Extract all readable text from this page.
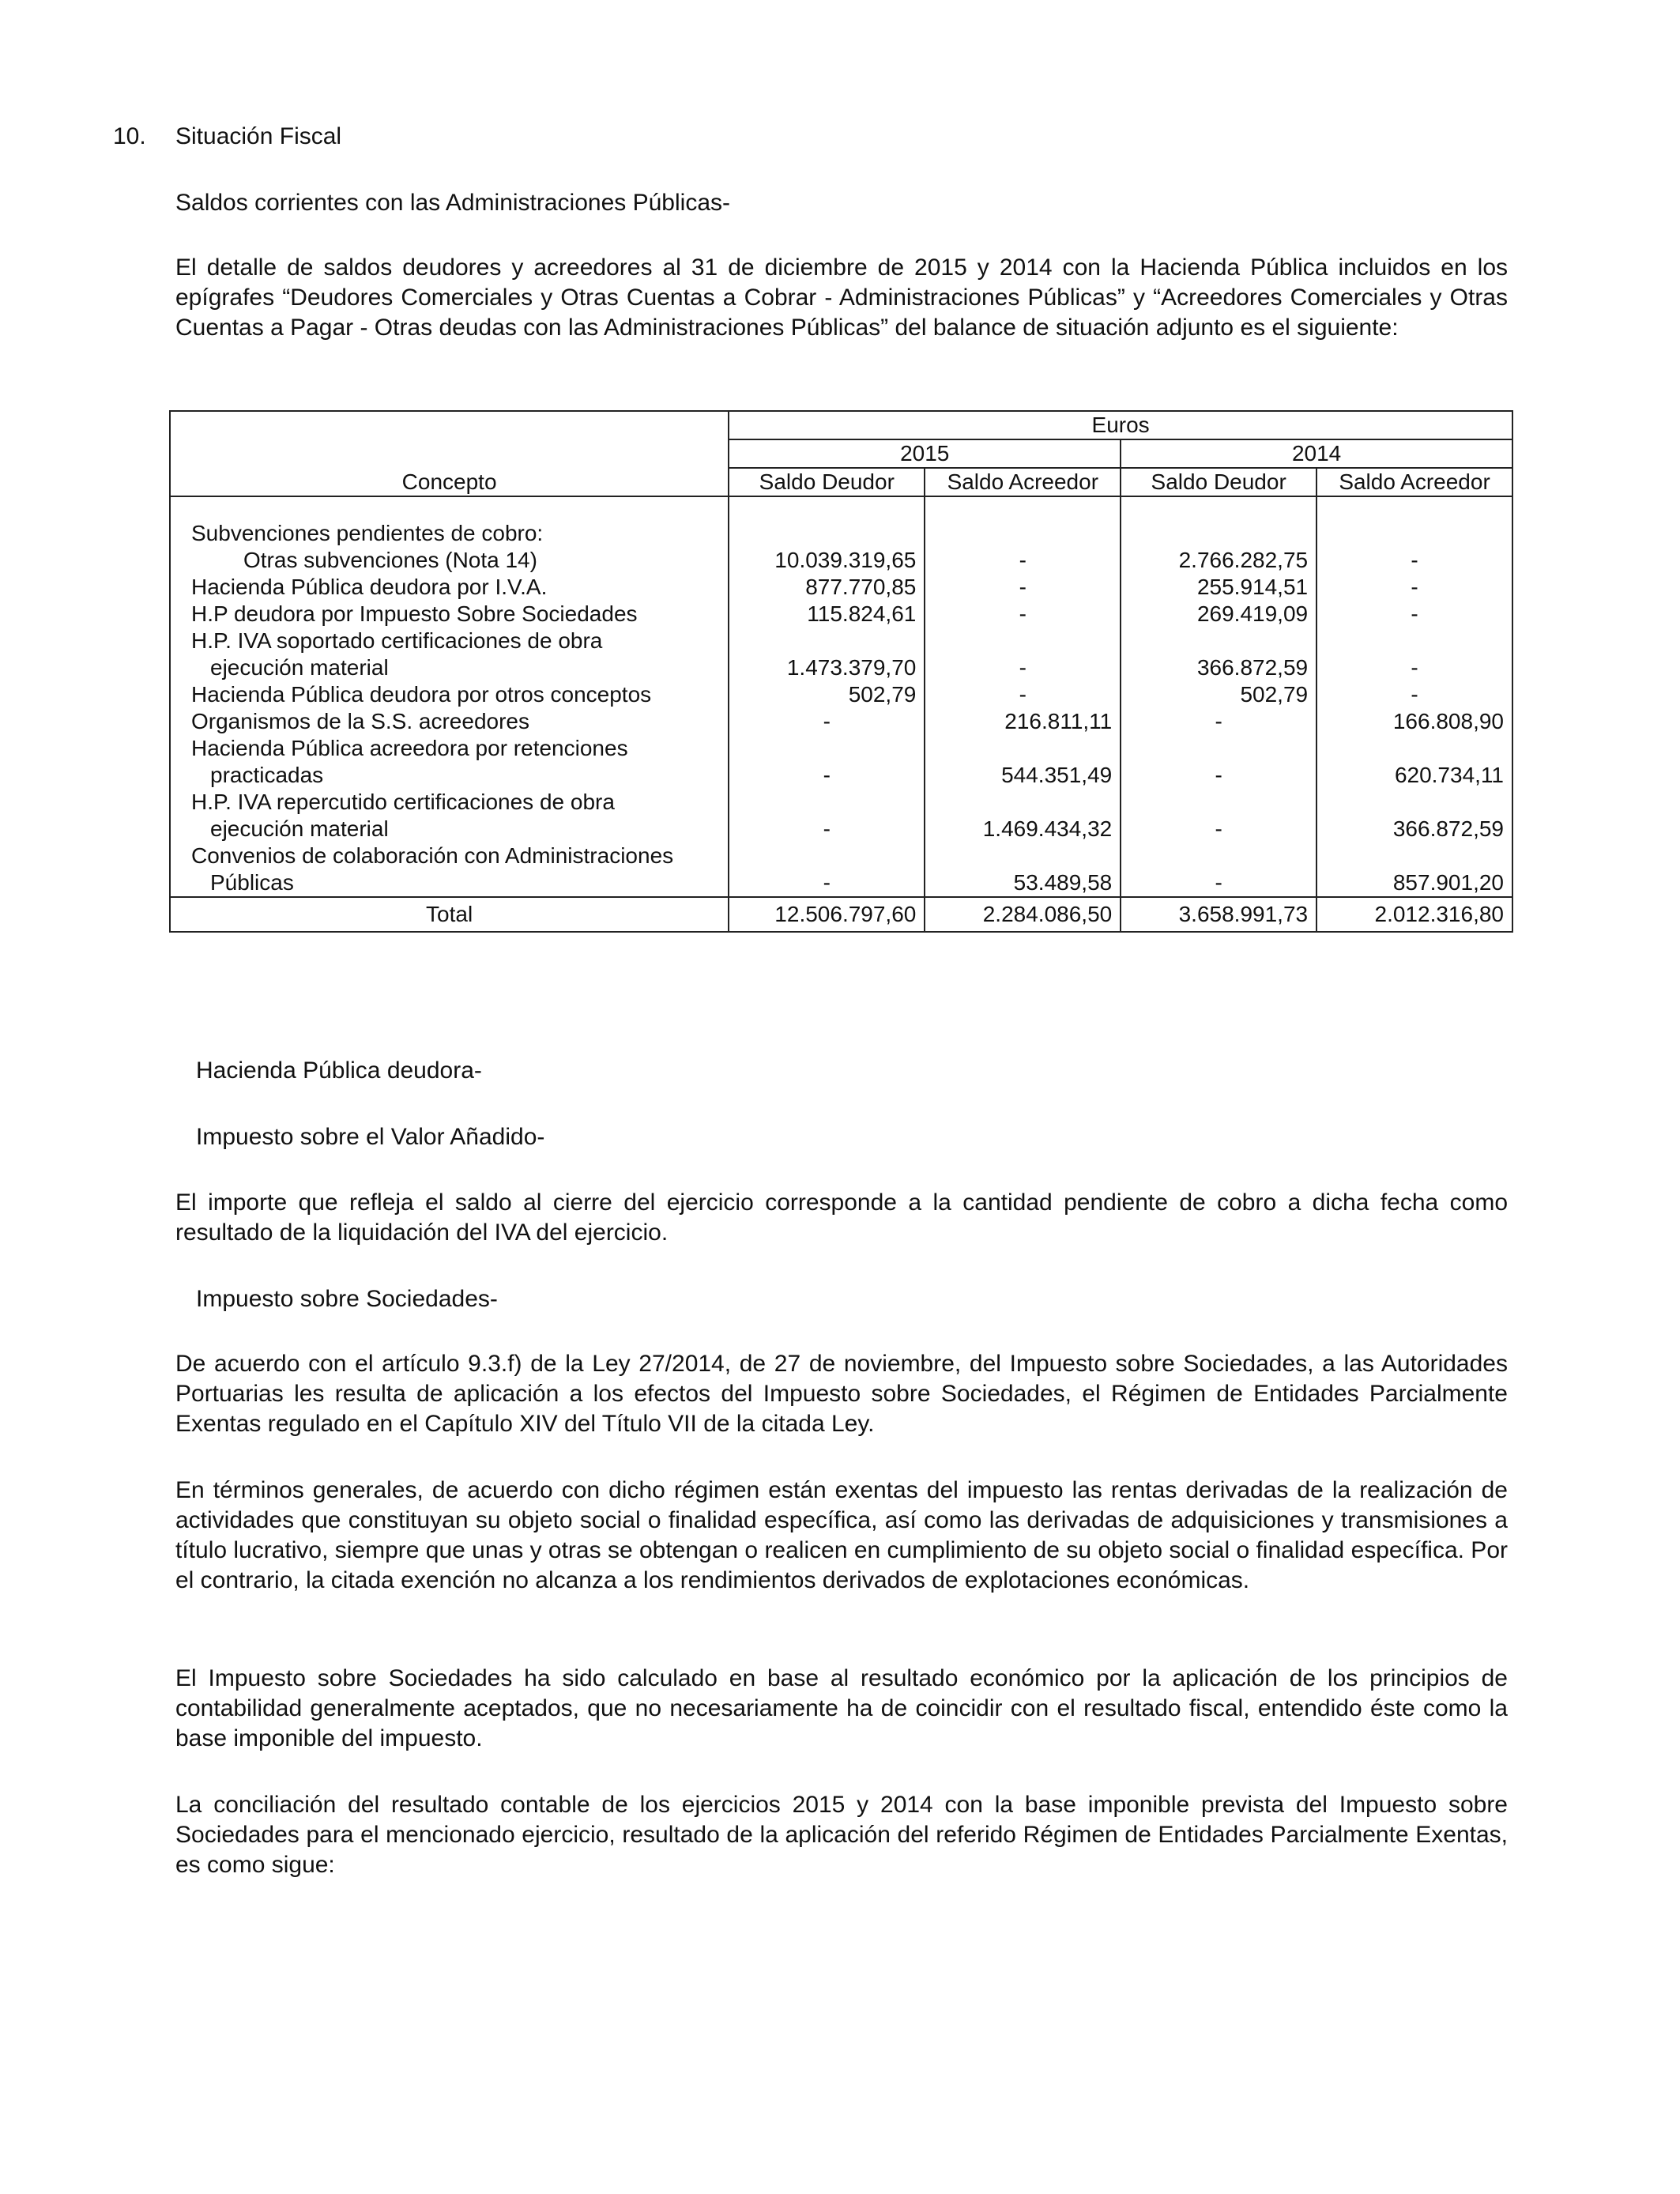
10. Situación Fiscal
Saldos corrientes con las Administraciones Públicas-
El detalle de saldos deudores y acreedores al 31 de diciembre de 2015 y 2014 con la Hacienda Pública incluidos en los epígrafes “Deudores Comerciales y Otras Cuentas a Cobrar - Administraciones Públicas” y “Acreedores Comerciales y Otras Cuentas a Pagar - Otras deudas con las Administraciones Públicas” del balance de situación adjunto es el siguiente:
Concepto	Euros			
	2015		2014	
	Saldo Deudor	Saldo Acreedor	Saldo Deudor	Saldo Acreedor

Subvenciones pendientes de cobro:
Otras subvenciones (Nota 14)	10.039.319,65	-	2.766.282,75	-
Hacienda Pública deudora por I.V.A.	877.770,85	-	255.914,51	-
H.P deudora por Impuesto Sobre Sociedades	115.824,61	-	269.419,09	-

H.P. IVA soportado certificaciones de obra
ejecución material	1.473.379,70	-	366.872,59	-
Hacienda Pública deudora por otros conceptos	502,79	-	502,79	-
Organismos de la S.S. acreedores	-	216.811,11	-	166.808,90

Hacienda Pública acreedora por retenciones
practicadas	-	544.351,49	-	620.734,11

H.P. IVA repercutido certificaciones de obra
ejecución material	-	1.469.434,32	-	366.872,59

Convenios de colaboración con Administraciones
Públicas	-	53.489,58	-	857.901,20
Total	12.506.797,60	2.284.086,50	3.658.991,73	2.012.316,80
Hacienda Pública deudora-
Impuesto sobre el Valor Añadido-
El importe que refleja el saldo al cierre del ejercicio corresponde a la cantidad pendiente de cobro a dicha fecha como resultado de la liquidación del IVA del ejercicio.
Impuesto sobre Sociedades-
De acuerdo con el artículo 9.3.f) de la Ley 27/2014, de 27 de noviembre, del Impuesto sobre Sociedades, a las Autoridades Portuarias les resulta de aplicación a los efectos del Impuesto sobre Sociedades, el Régimen de Entidades Parcialmente Exentas regulado en el Capítulo XIV del Título VII de la citada Ley.
En términos generales, de acuerdo con dicho régimen están exentas del impuesto las rentas derivadas de la realización de actividades que constituyan su objeto social o finalidad específica, así como las derivadas de adquisiciones y transmisiones a título lucrativo, siempre que unas y otras se obtengan o realicen en cumplimiento de su objeto social o finalidad específica. Por el contrario, la citada exención no alcanza a los rendimientos derivados de explotaciones económicas.
El Impuesto sobre Sociedades ha sido calculado en base al resultado económico por la aplicación de los principios de contabilidad generalmente aceptados, que no necesariamente ha de coincidir con el resultado fiscal, entendido éste como la base imponible del impuesto.
La conciliación del resultado contable de los ejercicios 2015 y 2014 con la base imponible prevista del Impuesto sobre Sociedades para el mencionado ejercicio, resultado de la aplicación del referido Régimen de Entidades Parcialmente Exentas, es como sigue:
